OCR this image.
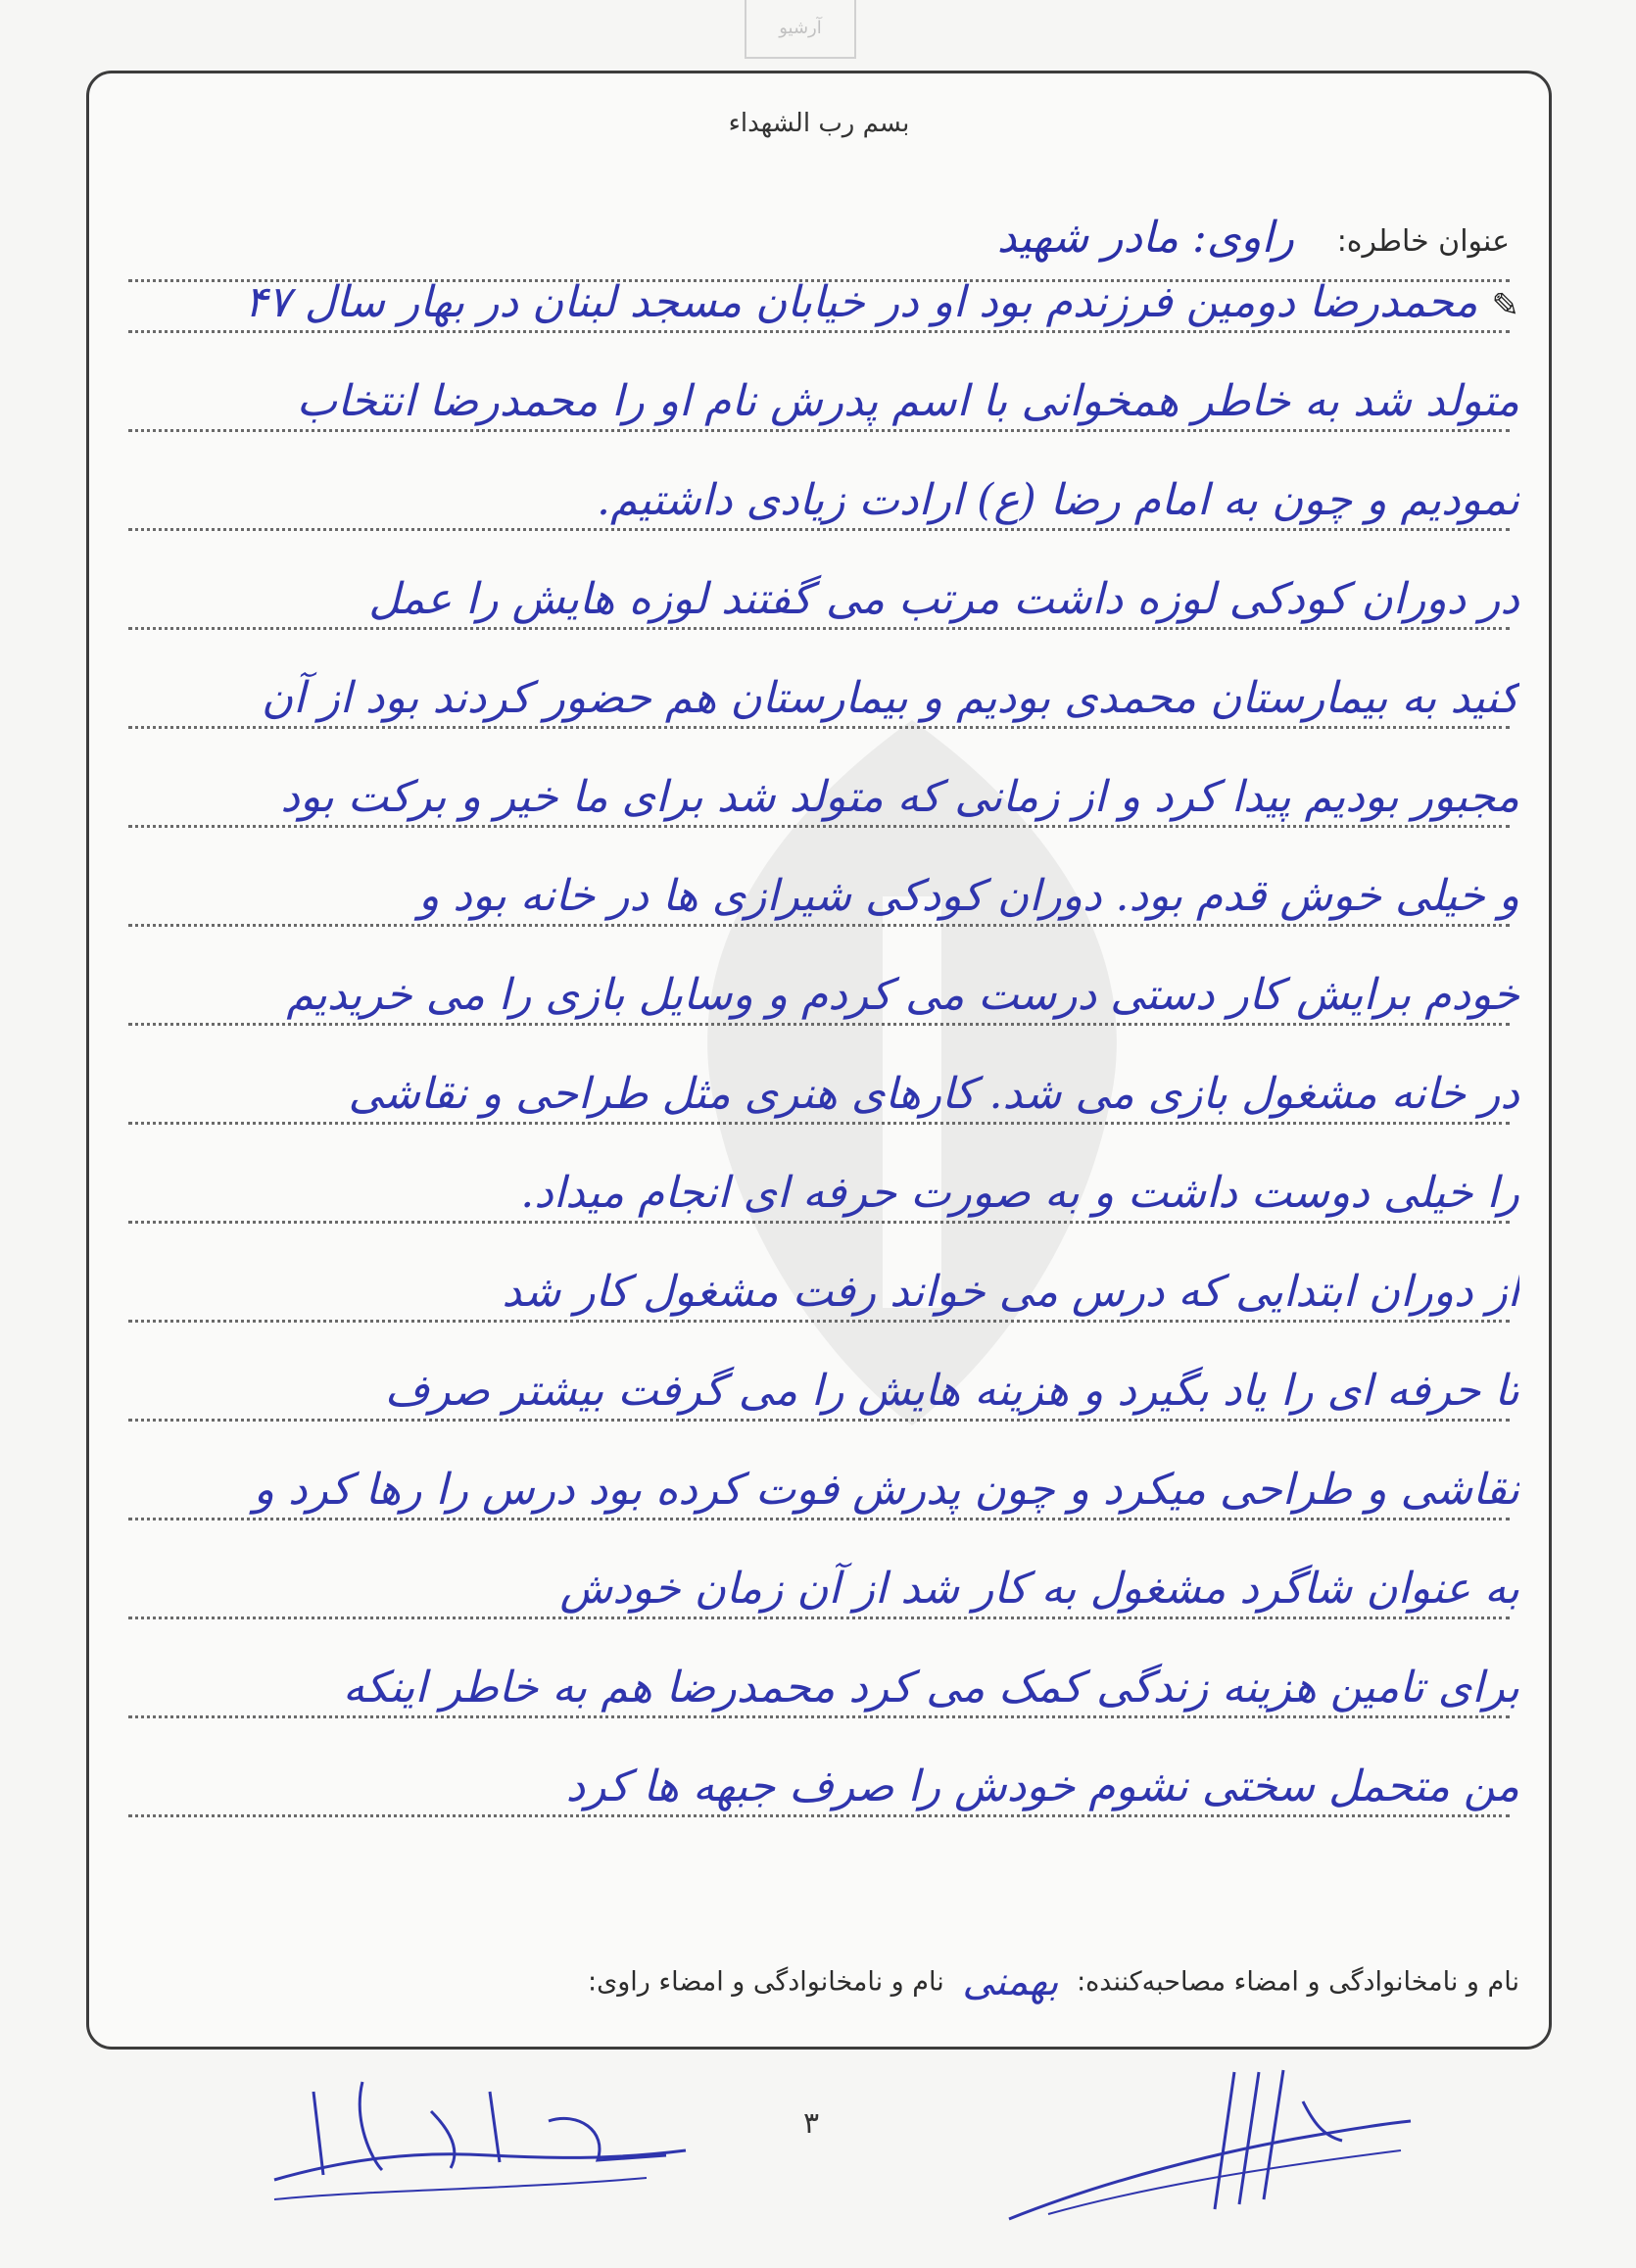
آرشیو
بسم رب الشهداء
عنوان خاطره:
راوی: مادر شهید
✎محمدرضا دومین فرزندم بود او در خیابان مسجد لبنان در بهار سال ۴۷
متولد شد به خاطر همخوانی با اسم پدرش نام او را محمدرضا انتخاب
نمودیم و چون به امام رضا (ع) ارادت زیادی داشتیم.
در دوران کودکی لوزه داشت مرتب می گفتند لوزه هایش را عمل
کنید به بیمارستان محمدی بودیم و بیمارستان هم حضور کردند بود از آن
مجبور بودیم پیدا کرد و از زمانی که متولد شد برای ما خیر و برکت بود
و خیلی خوش قدم بود. دوران کودکی شیرازی ها در خانه بود و
خودم برایش کار دستی درست می کردم و وسایل بازی را می خریدیم
در خانه مشغول بازی می شد. کارهای هنری مثل طراحی و نقاشی
را خیلی دوست داشت و به صورت حرفه ای انجام میداد.
از دوران ابتدایی که درس می خواند رفت مشغول کار شد
تا حرفه ای را یاد بگیرد و هزینه هایش را می گرفت بیشتر صرف
نقاشی و طراحی میکرد و چون پدرش فوت کرده بود درس را رها کرد و
به عنوان شاگرد مشغول به کار شد از آن زمان خودش
برای تامین هزینه زندگی کمک می کرد محمدرضا هم به خاطر اینکه
من متحمل سختی نشوم خودش را صرف جبهه ها کرد
نام و نامخانوادگی و امضاء مصاحبه‌کننده: بهمنی نام و نامخانوادگی و امضاء راوی:
۳
